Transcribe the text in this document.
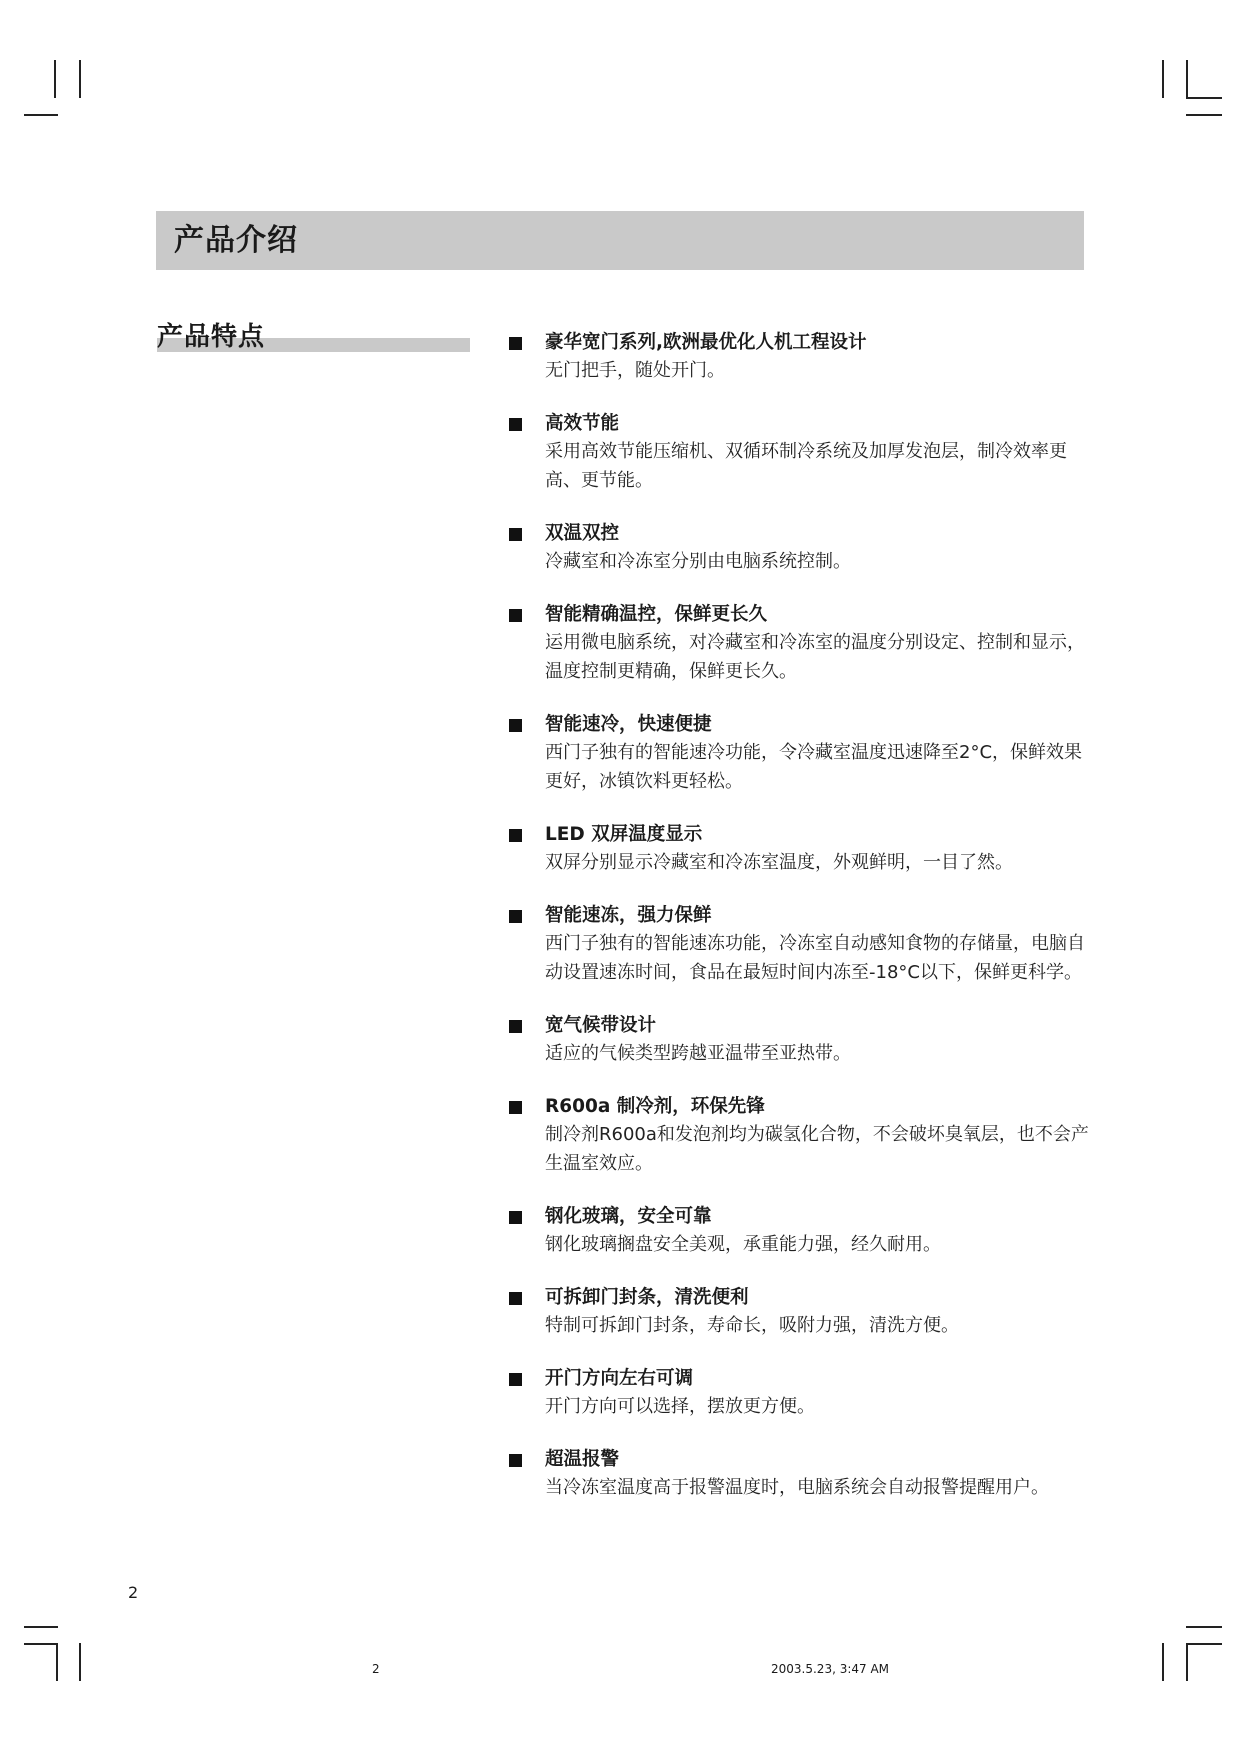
产品介绍
产品特点	豪华宽门系列,欧洲最优化人机工程设计
无门把手，随处开门。
高效节能
采用高效节能压缩机、双循环制冷系统及加厚发泡层，制冷效率更高、更节能。
双温双控
冷藏室和冷冻室分别由电脑系统控制。
智能精确温控，保鲜更长久
运用微电脑系统，对冷藏室和冷冻室的温度分别设定、控制和显示，温度控制更精确，保鲜更长久。
智能速冷，快速便捷
西门子独有的智能速冷功能，令冷藏室温度迅速降至2°C，保鲜效果更好，冰镇饮料更轻松。
LED 双屏温度显示
双屏分别显示冷藏室和冷冻室温度，外观鲜明，一目了然。
智能速冻，强力保鲜
西门子独有的智能速冻功能，冷冻室自动感知食物的存储量，电脑自动设置速冻时间，食品在最短时间内冻至-18°C以下，保鲜更科学。
宽气候带设计
适应的气候类型跨越亚温带至亚热带。
R600a 制冷剂，环保先锋
制冷剂R600a和发泡剂均为碳氢化合物，不会破坏臭氧层，也不会产生温室效应。
钢化玻璃，安全可靠
钢化玻璃搁盘安全美观，承重能力强，经久耐用。
可拆卸门封条，清洗便利
特制可拆卸门封条，寿命长，吸附力强，清洗方便。
开门方向左右可调
开门方向可以选择，摆放更方便。
超温报警
当冷冻室温度高于报警温度时，电脑系统会自动报警提醒用户。
2
2	2003.5.23, 3:47 AM
